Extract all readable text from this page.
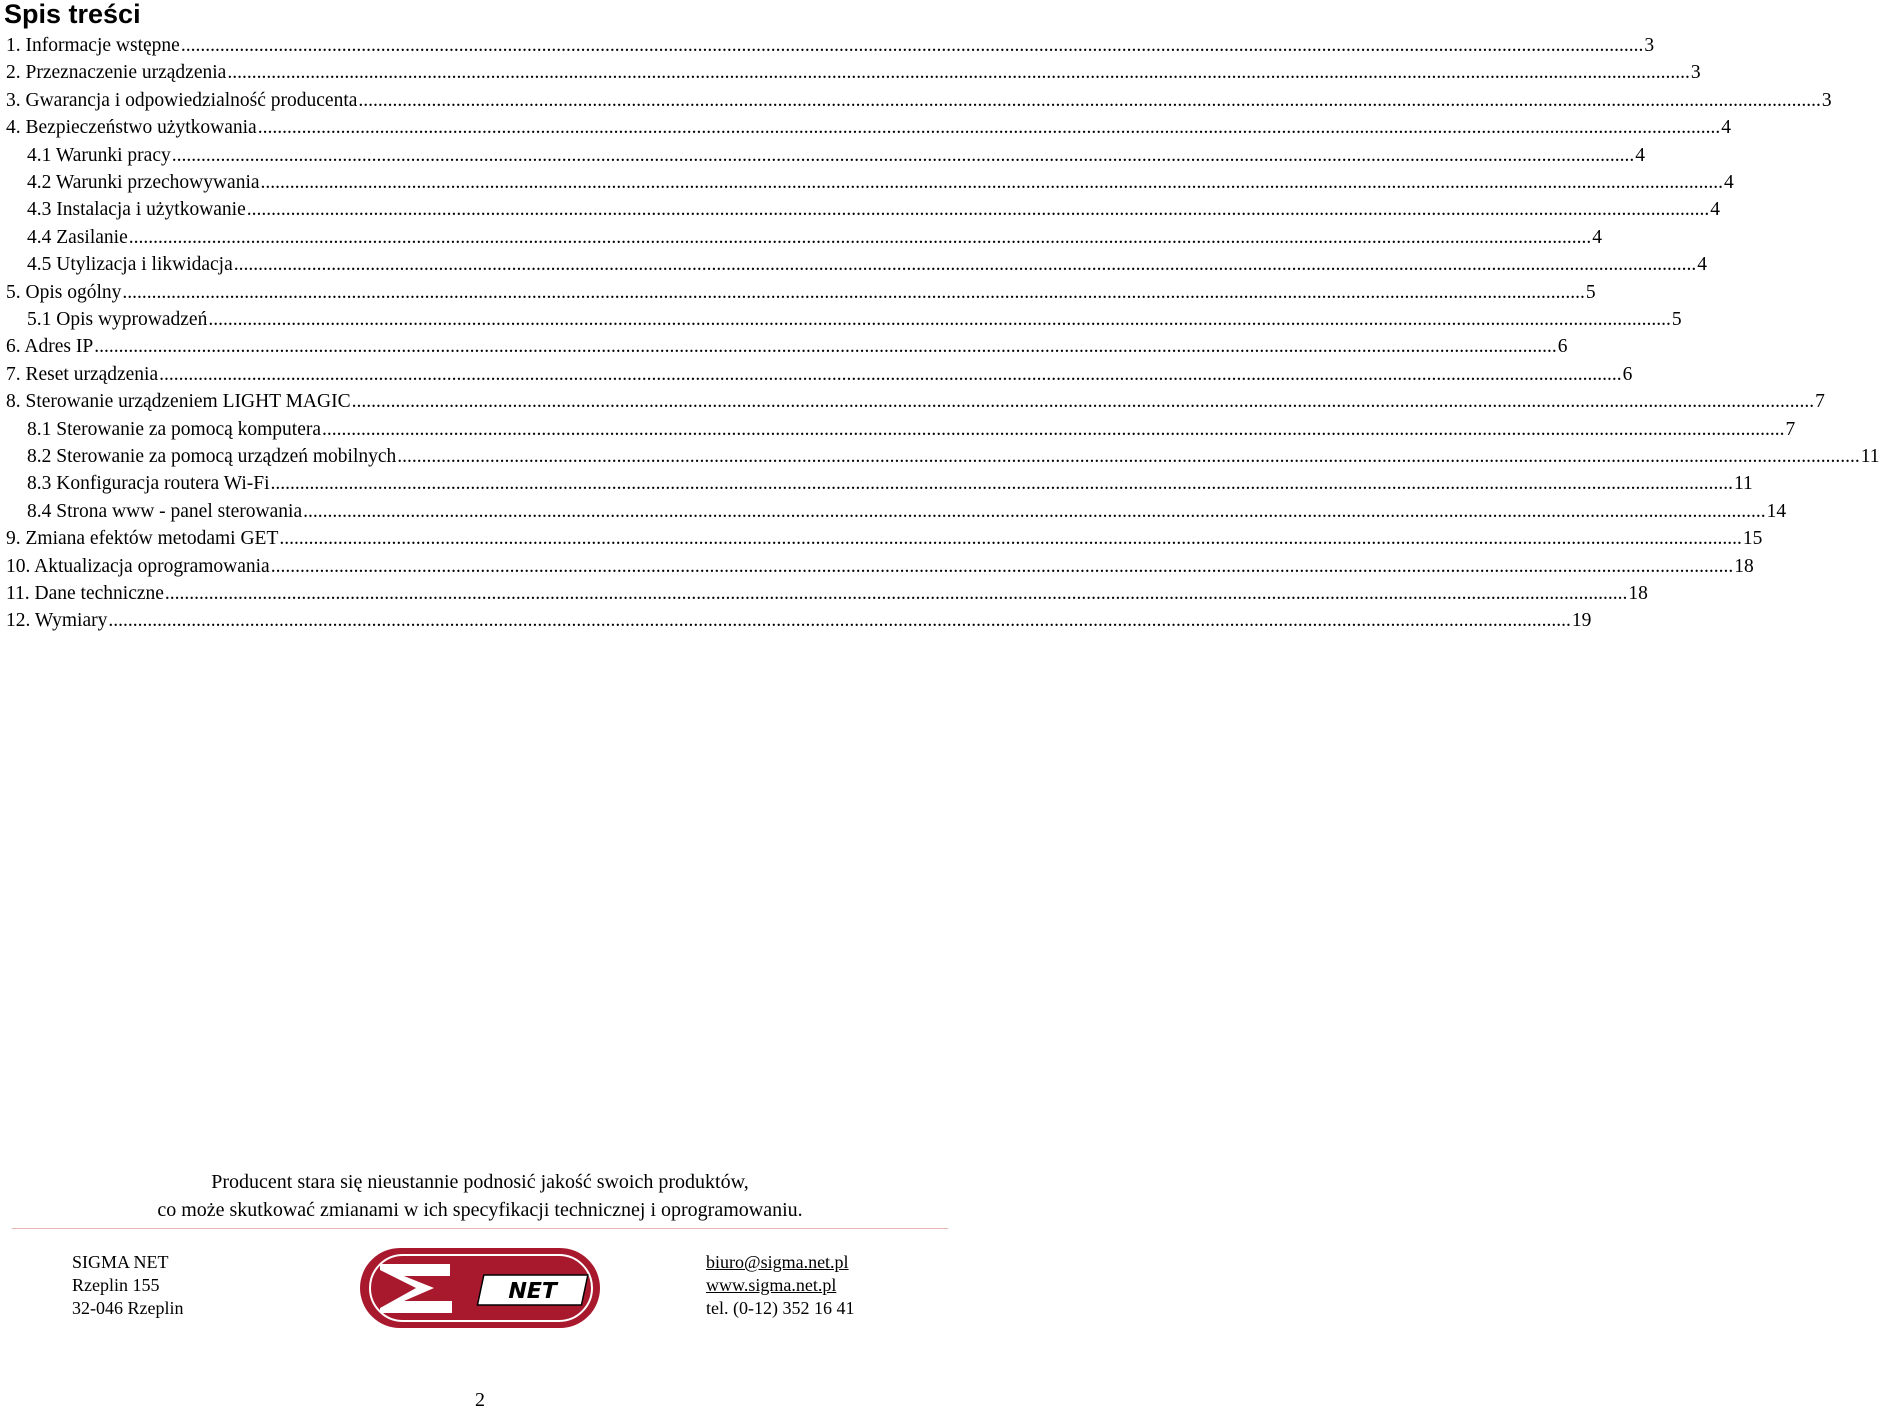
Spis treści
1. Informacje wstępne ............................................................................................................................................................................................................................................................................................................ 3
2. Przeznaczenie urządzenia ............................................................................................................................................................................................................................................................................................................ 3
3. Gwarancja i odpowiedzialność producenta ............................................................................................................................................................................................................................................................................................................ 3
4. Bezpieczeństwo użytkowania ............................................................................................................................................................................................................................................................................................................ 4
4.1 Warunki pracy ............................................................................................................................................................................................................................................................................................................ 4
4.2 Warunki przechowywania ............................................................................................................................................................................................................................................................................................................ 4
4.3 Instalacja i użytkowanie ............................................................................................................................................................................................................................................................................................................ 4
4.4 Zasilanie ............................................................................................................................................................................................................................................................................................................ 4
4.5 Utylizacja i likwidacja ............................................................................................................................................................................................................................................................................................................ 4
5. Opis ogólny ............................................................................................................................................................................................................................................................................................................ 5
5.1 Opis wyprowadzeń ............................................................................................................................................................................................................................................................................................................ 5
6. Adres IP ............................................................................................................................................................................................................................................................................................................ 6
7. Reset urządzenia ............................................................................................................................................................................................................................................................................................................ 6
8. Sterowanie urządzeniem LIGHT MAGIC ............................................................................................................................................................................................................................................................................................................ 7
8.1 Sterowanie za pomocą komputera ............................................................................................................................................................................................................................................................................................................ 7
8.2 Sterowanie za pomocą urządzeń mobilnych ............................................................................................................................................................................................................................................................................................................ 11
8.3 Konfiguracja routera Wi-Fi ............................................................................................................................................................................................................................................................................................................ 11
8.4 Strona www - panel sterowania ............................................................................................................................................................................................................................................................................................................ 14
9. Zmiana efektów metodami GET ............................................................................................................................................................................................................................................................................................................ 15
10. Aktualizacja oprogramowania ............................................................................................................................................................................................................................................................................................................ 18
11. Dane techniczne ............................................................................................................................................................................................................................................................................................................ 18
12. Wymiary ............................................................................................................................................................................................................................................................................................................ 19
Producent stara się nieustannie podnosić jakość swoich produktów,
co może skutkować zmianami w ich specyfikacji technicznej i oprogramowaniu.
SIGMA NET
Rzeplin 155
32-046 Rzeplin
NET
biuro@sigma.net.pl
www.sigma.net.pl
tel. (0-12) 352 16 41
2
